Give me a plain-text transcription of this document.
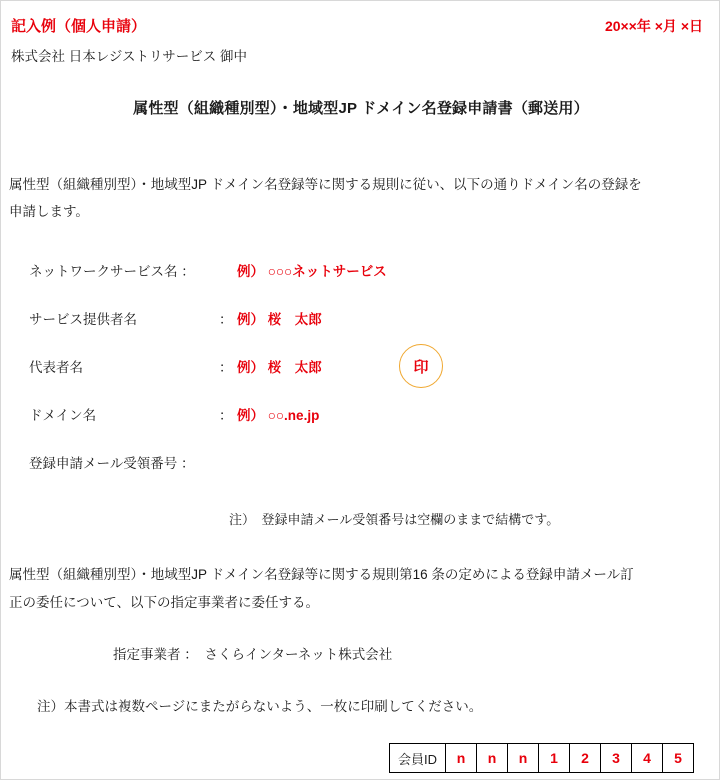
記入例（個人申請）	20××年 ×月 ×日
株式会社 日本レジストリサービス 御中
属性型（組織種別型）・地域型JP ドメイン名登録申請書（郵送用）
属性型（組織種別型）・地域型JP ドメイン名登録等に関する規則に従い、以下の通りドメイン名の登録を申請します。
ネットワークサービス名 ：	例） ○○○ネットサービス
サービス提供者名	： 例） 桜　太郎
代表者名	： 例） 桜　太郎	印
ドメイン名	： 例） ○○.ne.jp
登録申請メール受領番号 ：
注）　登録申請メール受領番号は空欄のままで結構です。
属性型（組織種別型）・地域型JP ドメイン名登録等に関する規則第16 条の定めによる登録申請メール訂正の委任について、以下の指定事業者に委任する。
指定事業者 ：　さくらインターネット株式会社
注）本書式は複数ページにまたがらないよう、一枚に印刷してください。
会員ID	n	n	n	1	2	3	4	5
